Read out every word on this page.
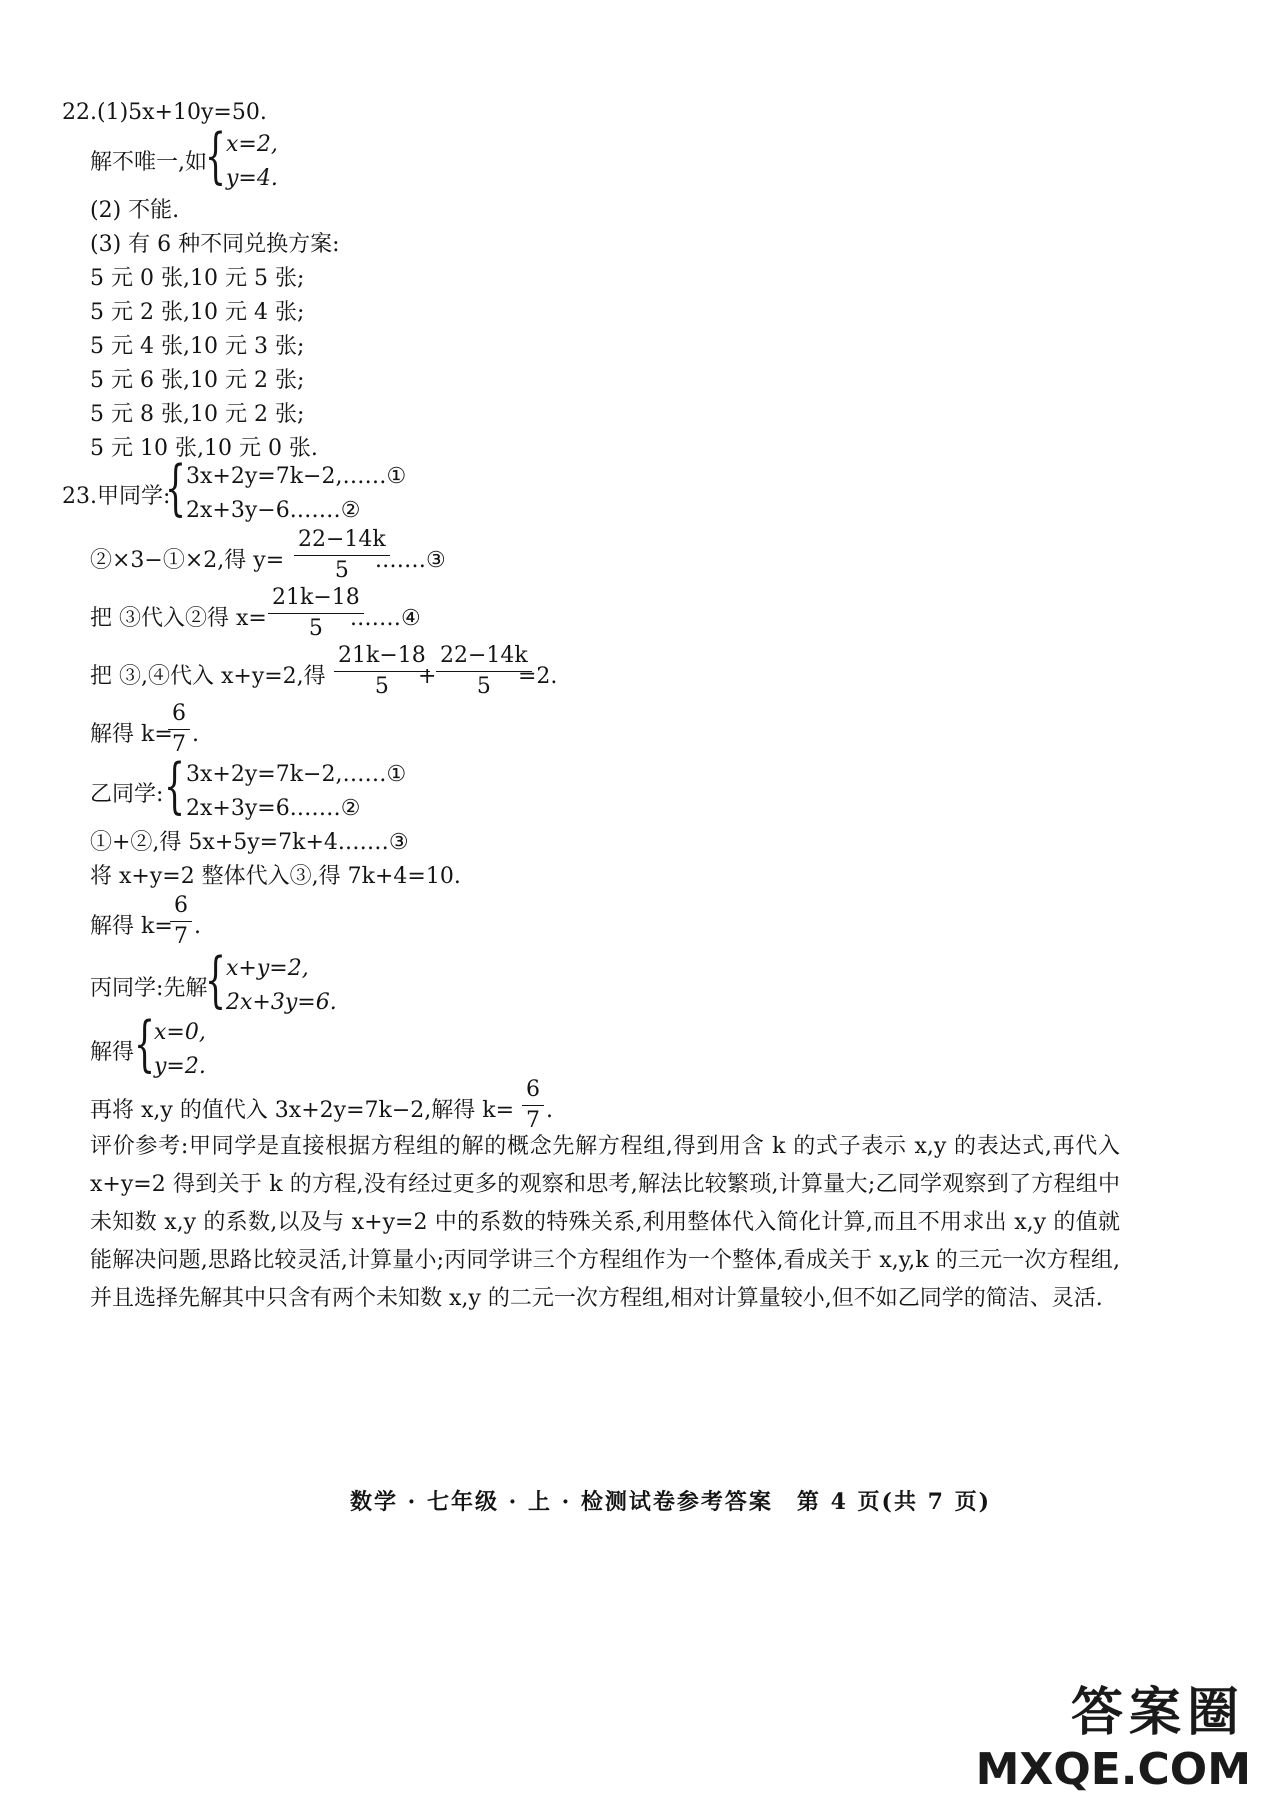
22.(1)5x+10y=50.
解不唯一,如
{ x=2,
y=4.
(2) 不能.
(3) 有 6 种不同兑换方案:
5 元 0 张,10 元 5 张;
5 元 2 张,10 元 4 张;
5 元 4 张,10 元 3 张;
5 元 6 张,10 元 2 张;
5 元 8 张,10 元 2 张;
5 元 10 张,10 元 0 张.
23.甲同学:
{ 3x+2y=7k−2,……①
2x+3y−6.……②
②×3−①×2,得 $y= \frac{22-14k}{5}$
.……③
把 ③代入②得 $x= \frac{21k-18}{5}$
.……④
把 ③,④代入 x+y=2,得 $\frac{21k-18}{5}$
+ $\frac{22-14k}{5}$
=2.
解得 k=
$\frac{6}{7}$ .
乙同学: { 3x+2y=7k−2,……①
2x+3y=6.……②
①+②,得 5x+5y=7k+4.……③
将 x+y=2 整体代入③,得 7k+4=10.
解得 k=
$\frac{6}{7}$ .
丙同学:先解
{ x+y=2,
2x+3y=6.
解得 {
x=0,
y=2.
再将 x,y 的值代入 3x+2y=7k−2,解得 $k= \frac{6}{7}$ .
评价参考:甲同学是直接根据方程组的解的概念先解方程组,得到用含 k 的式子表示 x,y 的表达式,再代入 x+y=2 得到关于 k 的方程,没有经过更多的观察和思考,解法比较繁琐,计算量大;乙同学观察到了方程组中未知数 x,y 的系数,以及与 x+y=2 中的系数的特殊关系,利用整体代入简化计算,而且不用求出 x,y 的值就能解决问题,思路比较灵活,计算量小;丙同学讲三个方程组作为一个整体,看成关于 x,y,k 的三元一次方程组,并且选择先解其中只含有两个未知数 x,y 的二元一次方程组,相对计算量较小,但不如乙同学的简洁、灵活.
数学 · 七年级 · 上 · 检测试卷参考答案　第 4 页(共 7 页)
答案圈
MXQE.COM
